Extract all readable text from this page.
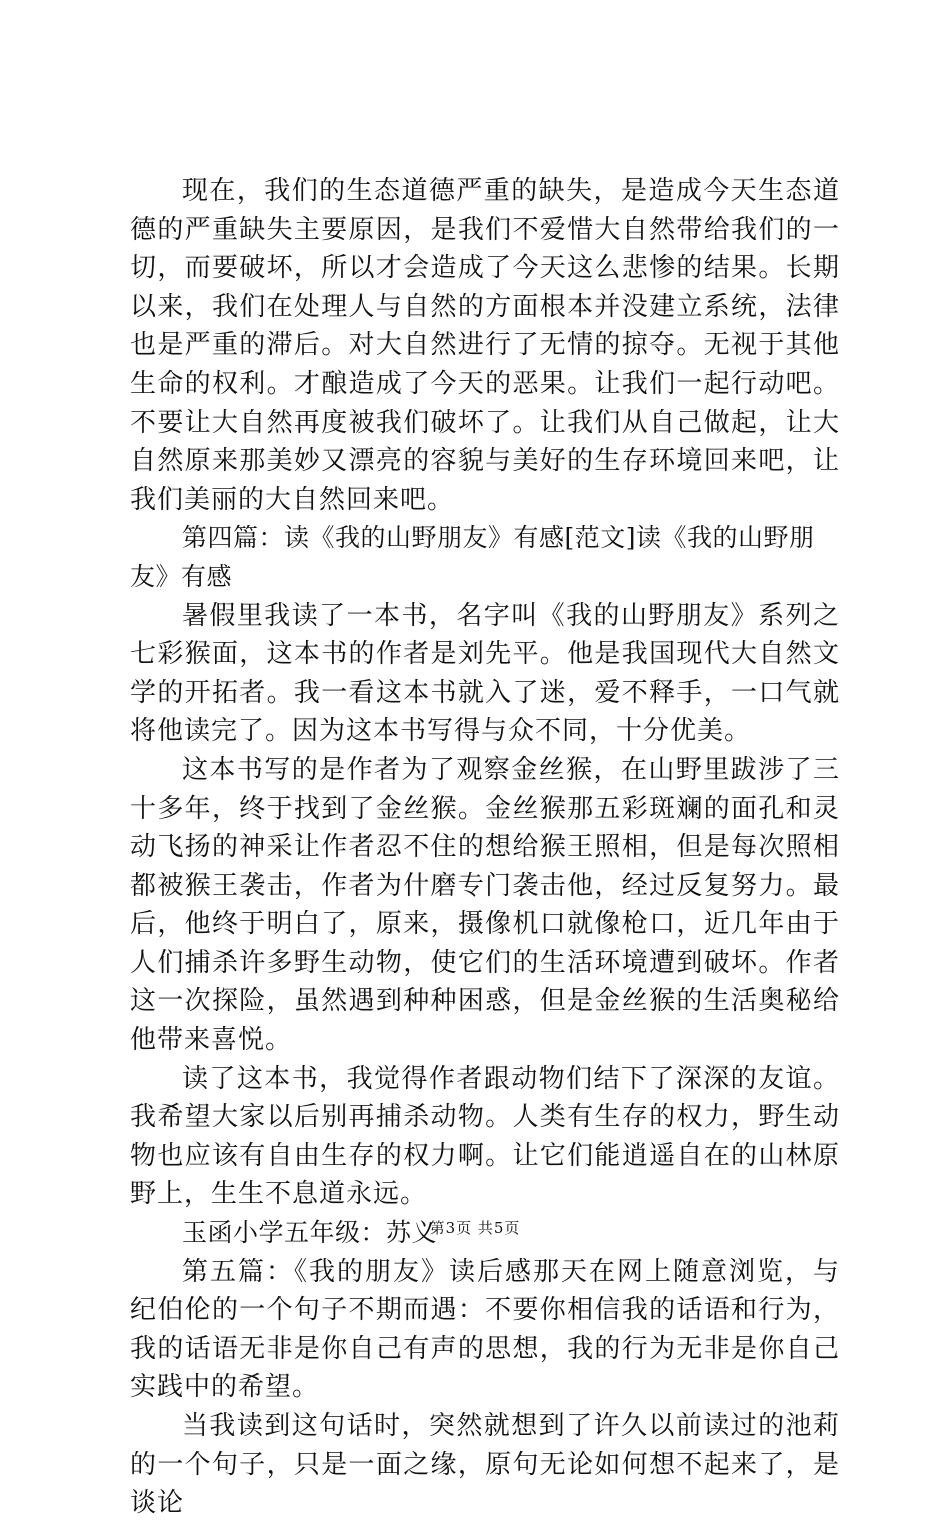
现在，我们的生态道德严重的缺失，是造成今天生态道德的严重缺失主要原因，是我们不爱惜大自然带给我们的一切，而要破坏，所以才会造成了今天这么悲惨的结果。长期以来，我们在处理人与自然的方面根本并没建立系统，法律也是严重的滞后。对大自然进行了无情的掠夺。无视于其他生命的权利。才酿造成了今天的恶果。让我们一起行动吧。不要让大自然再度被我们破坏了。让我们从自己做起，让大自然原来那美妙又漂亮的容貌与美好的生存环境回来吧，让我们美丽的大自然回来吧。

第四篇：读《我的山野朋友》有感[范文]读《我的山野朋友》有感

暑假里我读了一本书，名字叫《我的山野朋友》系列之七彩猴面，这本书的作者是刘先平。他是我国现代大自然文学的开拓者。我一看这本书就入了迷，爱不释手，一口气就将他读完了。因为这本书写得与众不同，十分优美。

这本书写的是作者为了观察金丝猴，在山野里跋涉了三十多年，终于找到了金丝猴。金丝猴那五彩斑斓的面孔和灵动飞扬的神采让作者忍不住的想给猴王照相，但是每次照相都被猴王袭击，作者为什磨专门袭击他，经过反复努力。最后，他终于明白了，原来，摄像机口就像枪口，近几年由于人们捕杀许多野生动物，使它们的生活环境遭到破坏。作者这一次探险，虽然遇到种种困惑，但是金丝猴的生活奥秘给他带来喜悦。

读了这本书，我觉得作者跟动物们结下了深深的友谊。我希望大家以后别再捕杀动物。人类有生存的权力，野生动物也应该有自由生存的权力啊。让它们能逍遥自在的山林原野上，生生不息道永远。

玉函小学五年级：苏义

第五篇：《我的朋友》读后感那天在网上随意浏览，与纪伯伦的一个句子不期而遇：不要你相信我的话语和行为，我的话语无非是你自己有声的思想，我的行为无非是你自己实践中的希望。

当我读到这句话时，突然就想到了许久以前读过的池莉的一个句子，只是一面之缘，原句无论如何想不起来了，是谈论

第3页 共5页
